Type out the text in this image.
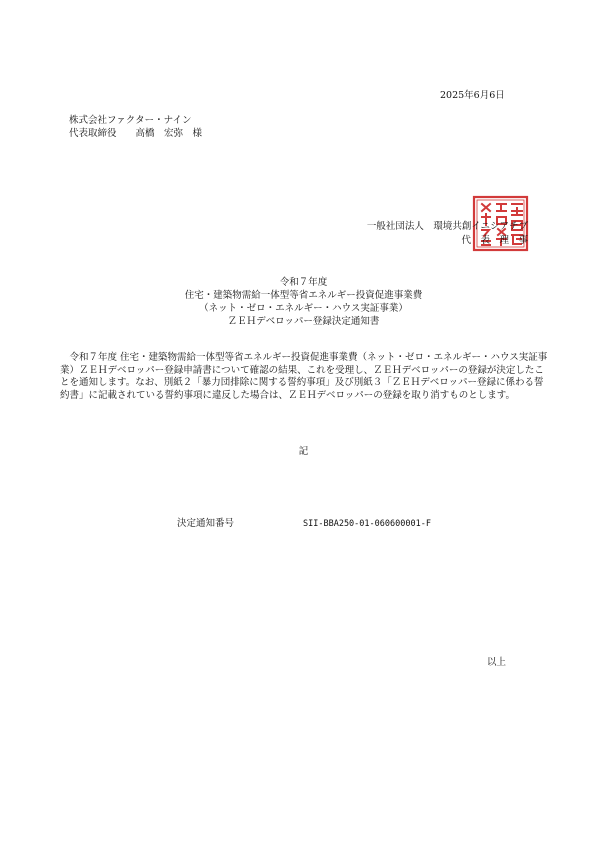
2025年6月6日
株式会社ファクター・ナイン
代表取締役　　高橋　宏弥　様
一般社団法人　環境共創イニシアチブ
代　表　理　事
令和７年度
住宅・建築物需給一体型等省エネルギー投資促進事業費
（ネット・ゼロ・エネルギー・ハウス実証事業）
ＺＥＨデベロッパー登録決定通知書

　令和７年度 住宅・建築物需給一体型等省エネルギー投資促進事業費（ネット・ゼロ・エネルギー・ハウス実証事業）ＺＥＨデベロッパー登録申請書について確認の結果、これを受理し、ＺＥＨデベロッパーの登録が決定したことを通知します。なお、別紙２「暴力団排除に関する誓約事項」及び別紙３「ＺＥＨデベロッパー登録に係わる誓約書」に記載されている誓約事項に違反した場合は、ＺＥＨデベロッパーの登録を取り消すものとします。

記
決定通知番号	SII-BBA250-01-060600001-F
以上
